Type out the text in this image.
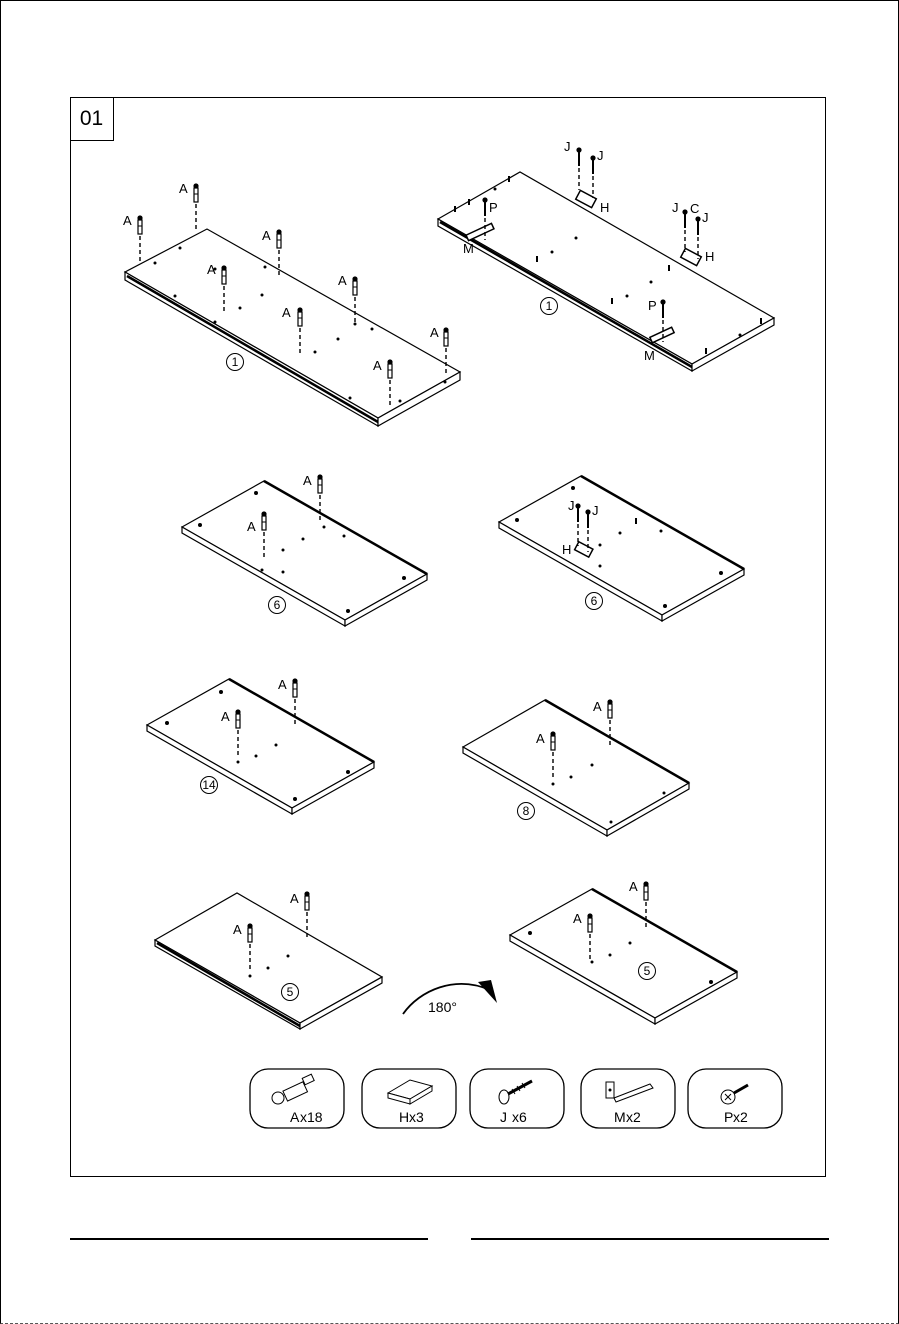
01
A
A
A
A
A
A
A
A
1
J
J
H	J C
J
H
P
M
P
M
1
A
A
6
J J
H
6
A
A
14
A
A
8
A
A
5
A
A
5
180°
A x18	H x3	J x6	M x2	P x2
